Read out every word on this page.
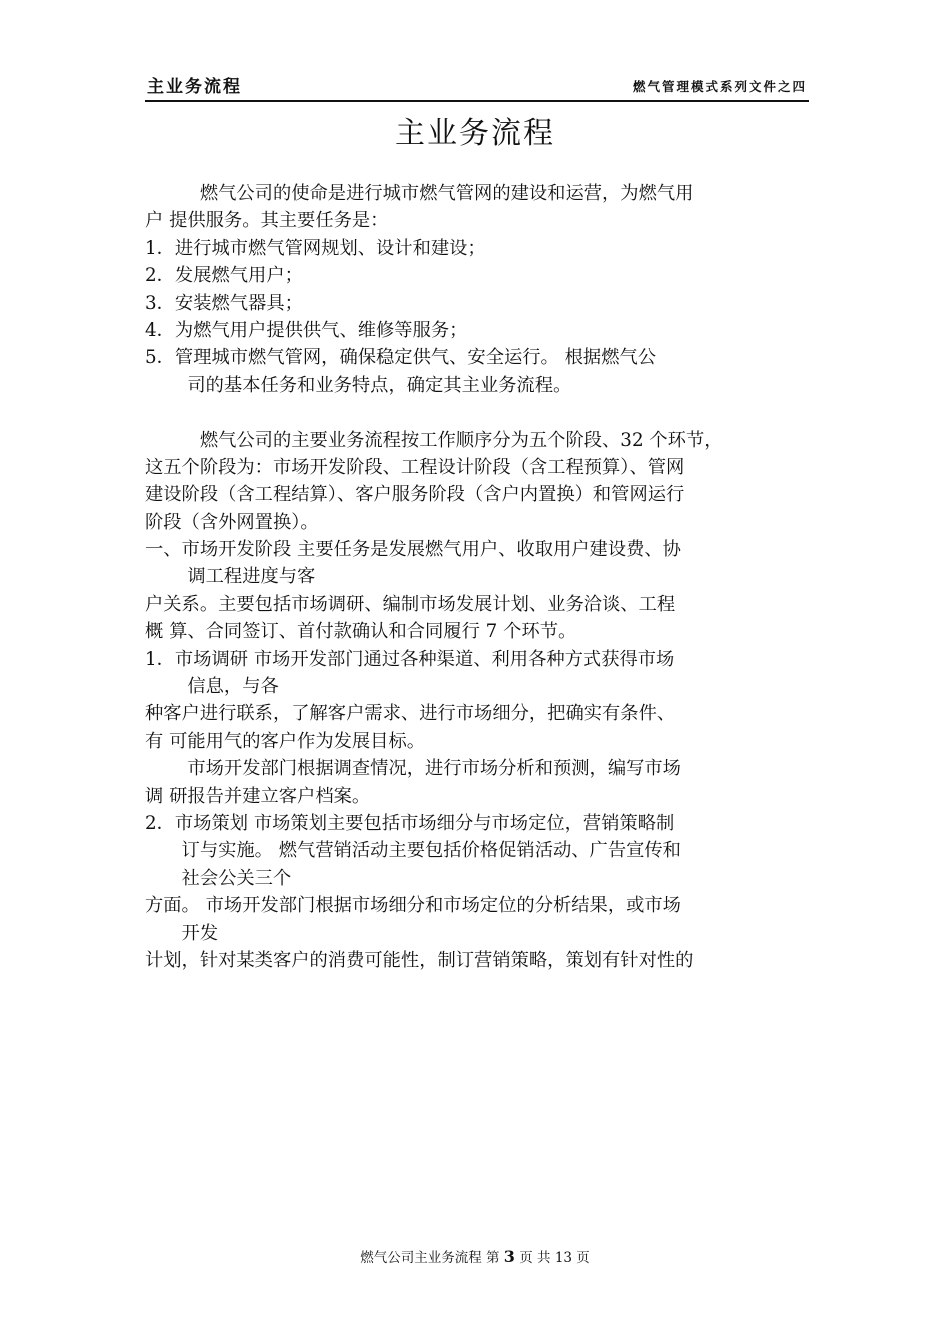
主业务流程	燃气管理模式系列文件之四
主业务流程
　　　燃气公司的使命是进行城市燃气管网的建设和运营，为燃气用
户 提供服务。其主要任务是：
1．进行城市燃气管网规划、设计和建设；
2．发展燃气用户；
3．安装燃气器具；
4．为燃气用户提供供气、维修等服务；
5．管理城市燃气管网，确保稳定供气、安全运行。 根据燃气公
　　 司的基本任务和业务特点，确定其主业务流程。
　　　燃气公司的主要业务流程按工作顺序分为五个阶段、32 个环节，
这五个阶段为：市场开发阶段、工程设计阶段（含工程预算）、管网
建设阶段（含工程结算）、客户服务阶段（含户内置换）和管网运行
阶段（含外网置换）。
一、市场开发阶段 主要任务是发展燃气用户、收取用户建设费、协
　　 调工程进度与客
户关系。主要包括市场调研、编制市场发展计划、业务洽谈、工程
概 算、合同签订、首付款确认和合同履行 7 个环节。
1．市场调研 市场开发部门通过各种渠道、利用各种方式获得市场
　　 信息，与各
种客户进行联系，了解客户需求、进行市场细分，把确实有条件、
有 可能用气的客户作为发展目标。
　　 市场开发部门根据调查情况，进行市场分析和预测，编写市场
调 研报告并建立客户档案。
2．市场策划 市场策划主要包括市场细分与市场定位，营销策略制
　　订与实施。 燃气营销活动主要包括价格促销活动、广告宣传和
　　社会公关三个
方面。 市场开发部门根据市场细分和市场定位的分析结果，或市场
　　开发
计划，针对某类客户的消费可能性，制订营销策略，策划有针对性的
燃气公司主业务流程 第 3 页 共 13 页
